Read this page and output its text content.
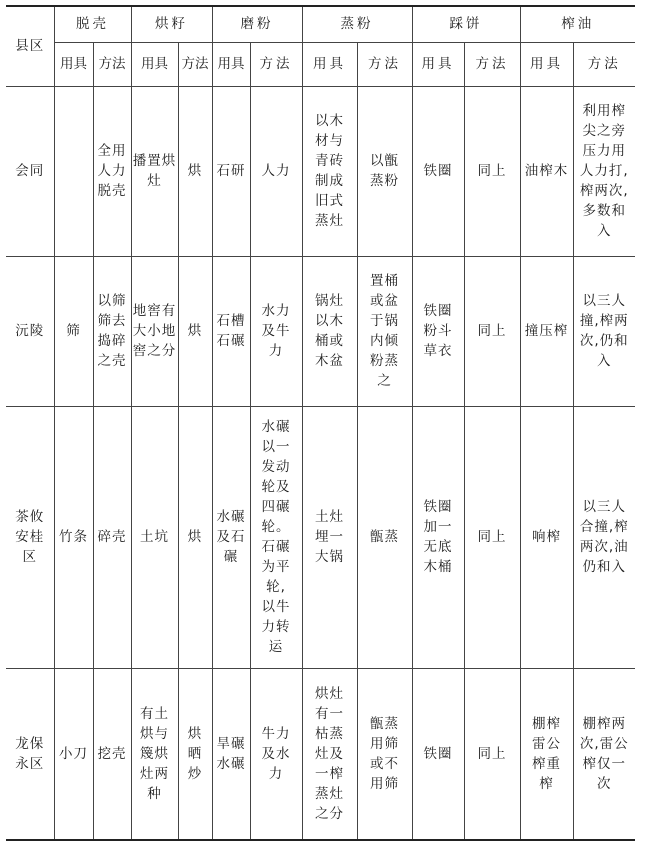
县区	脱壳		烘籽		磨粉		蒸粉		踩饼		榨油	
	用具	方法	用具	方法	用具	方法	用具	方法	用具	方法	用具	方法
会同		全用人力脱壳	播置烘灶	烘	石研	人力	以木材与青砖制成旧式蒸灶	以甑蒸粉	铁圈	同上	油榨木	利用榨尖之旁压力用人力打,榨两次,多数和入
沅陵	筛	以筛筛去捣碎之壳	地窖有大小地窖之分	烘	石槽石碾	水力及牛力	锅灶以木桶或木盆	置桶或盆于锅内倾粉蒸之	铁圈粉斗草衣	同上	撞压榨	以三人撞,榨两次,仍和入
茶攸安桂区	竹条	碎壳	土坑	烘	水碾及石碾	水碾以一发动轮及四碾轮。石碾为平轮,以牛力转运	土灶埋一大锅	甑蒸	铁圈加一无底木桶	同上	响榨	以三人合撞,榨两次,油仍和入
龙保永区	小刀	挖壳	有土烘与篾烘灶两种	烘晒炒	旱碾水碾	牛力及水力	烘灶有一枯蒸灶及一榨蒸灶之分	甑蒸用筛或不用筛	铁圈	同上	棚榨雷公榨重榨	棚榨两次,雷公榨仅一次
